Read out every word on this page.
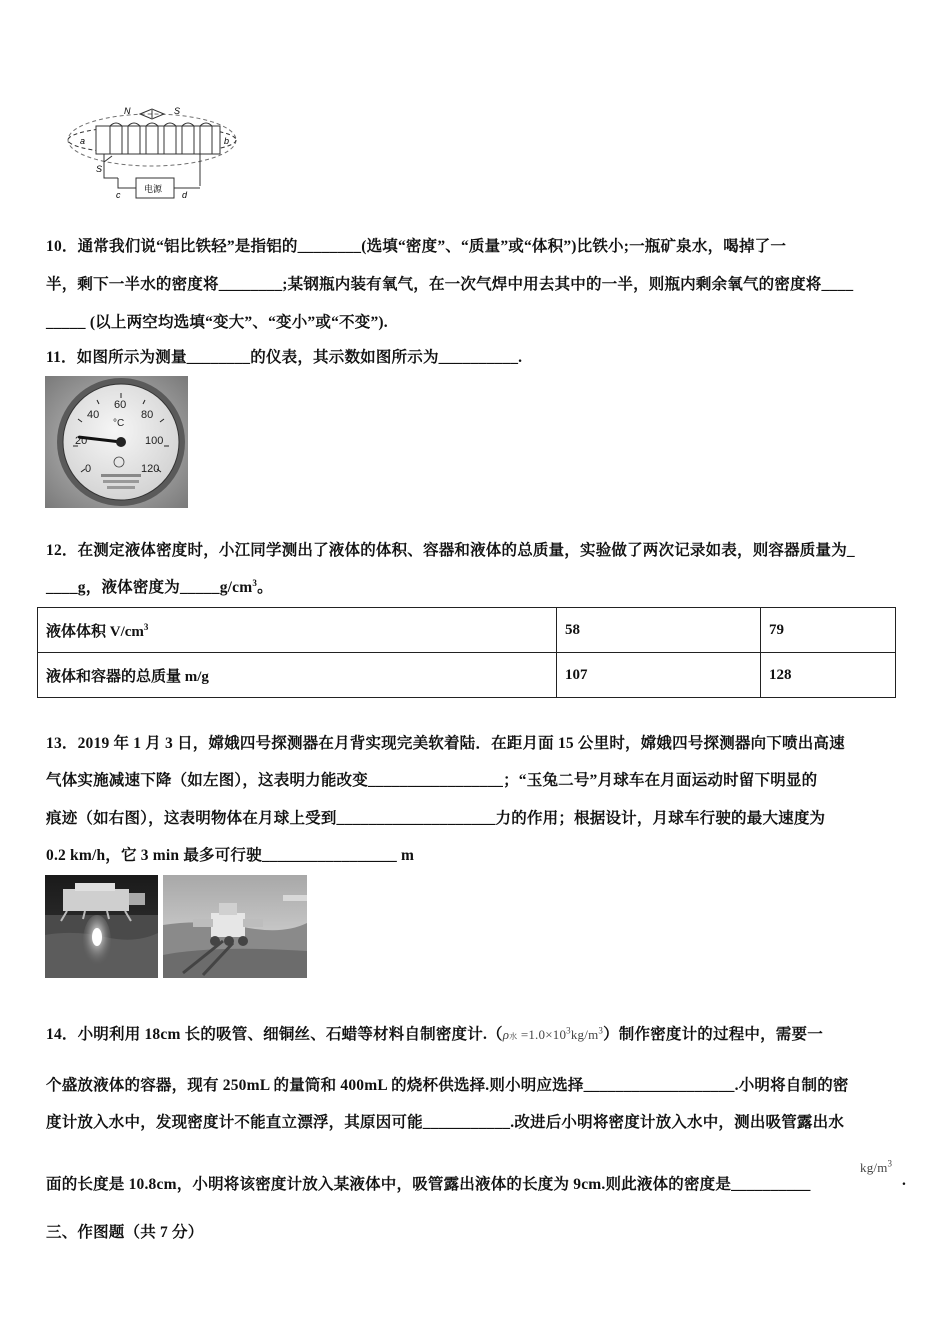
N	S
a	b
S
c	d
电源
10．通常我们说“铝比铁轻”是指铝的________(选填“密度”、“质量”或“体积”)比铁小;一瓶矿泉水，喝掉了一
半，剩下一半水的密度将________;某钢瓶内装有氧气，在一次气焊中用去其中的一半，则瓶内剩余氧气的密度将____
_____ (以上两空均选填“变大”、“变小”或“不变”).
11．如图所示为测量________的仪表，其示数如图所示为__________.
40
60
80
20	100
0	120
°C
12．在测定液体密度时，小江同学测出了液体的体积、容器和液体的总质量，实验做了两次记录如表，则容器质量为_
____g，液体密度为$\_\_\_\_\_g/cm^3$。
液体体积 $V/cm^3$	58	79
液体和容器的总质量 m/g	107	128
13．2019 年 1 月 3 日，嫦娥四号探测器在月背实现完美软着陆．在距月面 15 公里时，嫦娥四号探测器向下喷出高速
气体实施减速下降（如左图），这表明力能改变_________________；“玉兔二号”月球车在月面运动时留下明显的
痕迹（如右图），这表明物体在月球上受到____________________力的作用；根据设计，月球车行驶的最大速度为
0.2 km/h，它 3 min 最多可行驶_________________ m
14．小明利用 18cm 长的吸管、细铜丝、石蜡等材料自制密度计.（ρ水 $=1.0\times 10^3kg/m^3$）制作密度计的过程中，需要一
个盛放液体的容器，现有 250mL 的量筒和 400mL 的烧杯供选择.则小明应选择___________________.小明将自制的密
度计放入水中，发现密度计不能直立漂浮，其原因可能___________.改进后小明将密度计放入水中，测出吸管露出水
面的长度是 10.8cm，小明将该密度计放入某液体中，吸管露出液体的长度为 9cm.则此液体的密度是__________
$kg/m^3$
.
三、作图题（共 7 分）
